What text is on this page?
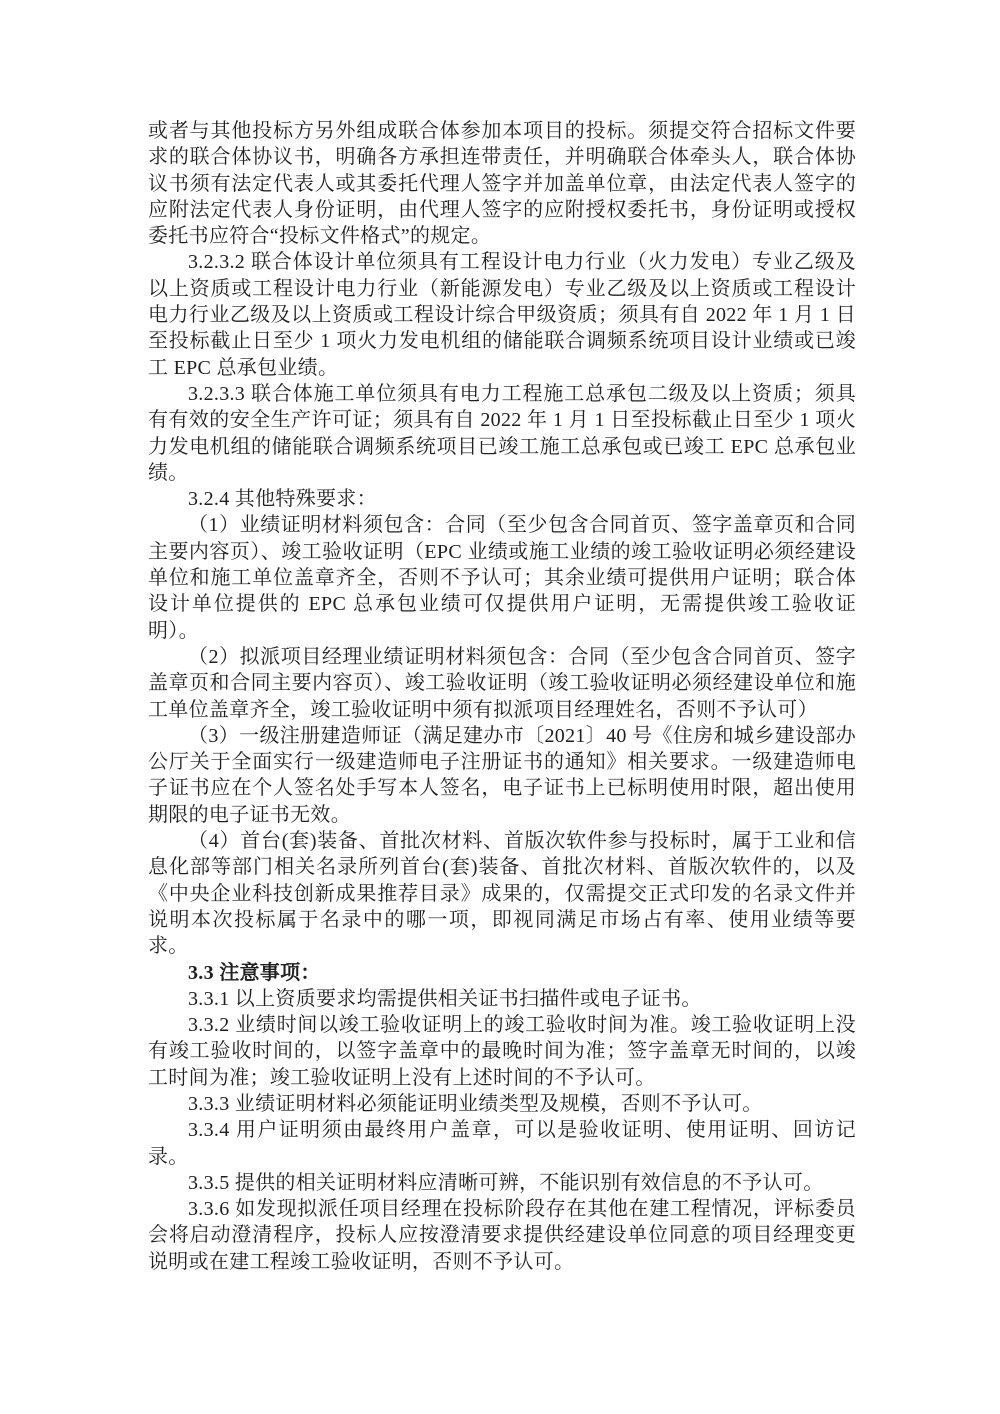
或者与其他投标方另外组成联合体参加本项目的投标。须提交符合招标文件要求的联合体协议书，明确各方承担连带责任，并明确联合体牵头人，联合体协议书须有法定代表人或其委托代理人签字并加盖单位章，由法定代表人签字的应附法定代表人身份证明，由代理人签字的应附授权委托书，身份证明或授权委托书应符合“投标文件格式”的规定。

3.2.3.2 联合体设计单位须具有工程设计电力行业（火力发电）专业乙级及以上资质或工程设计电力行业（新能源发电）专业乙级及以上资质或工程设计电力行业乙级及以上资质或工程设计综合甲级资质；须具有自 2022 年 1 月 1 日至投标截止日至少 1 项火力发电机组的储能联合调频系统项目设计业绩或已竣工 EPC 总承包业绩。

3.2.3.3 联合体施工单位须具有电力工程施工总承包二级及以上资质；须具有有效的安全生产许可证；须具有自 2022 年 1 月 1 日至投标截止日至少 1 项火力发电机组的储能联合调频系统项目已竣工施工总承包或已竣工 EPC 总承包业绩。

3.2.4 其他特殊要求：

（1）业绩证明材料须包含：合同（至少包含合同首页、签字盖章页和合同主要内容页）、竣工验收证明（EPC 业绩或施工业绩的竣工验收证明必须经建设单位和施工单位盖章齐全，否则不予认可；其余业绩可提供用户证明；联合体设计单位提供的 EPC 总承包业绩可仅提供用户证明，无需提供竣工验收证明）。

（2）拟派项目经理业绩证明材料须包含：合同（至少包含合同首页、签字盖章页和合同主要内容页）、竣工验收证明（竣工验收证明必须经建设单位和施工单位盖章齐全，竣工验收证明中须有拟派项目经理姓名，否则不予认可）

（3）一级注册建造师证（满足建办市〔2021〕40 号《住房和城乡建设部办公厅关于全面实行一级建造师电子注册证书的通知》相关要求。一级建造师电子证书应在个人签名处手写本人签名，电子证书上已标明使用时限，超出使用期限的电子证书无效。

（4）首台(套)装备、首批次材料、首版次软件参与投标时，属于工业和信息化部等部门相关名录所列首台(套)装备、首批次材料、首版次软件的，以及《中央企业科技创新成果推荐目录》成果的，仅需提交正式印发的名录文件并说明本次投标属于名录中的哪一项，即视同满足市场占有率、使用业绩等要求。

3.3 注意事项：

3.3.1 以上资质要求均需提供相关证书扫描件或电子证书。

3.3.2 业绩时间以竣工验收证明上的竣工验收时间为准。竣工验收证明上没有竣工验收时间的，以签字盖章中的最晚时间为准；签字盖章无时间的，以竣工时间为准；竣工验收证明上没有上述时间的不予认可。

3.3.3 业绩证明材料必须能证明业绩类型及规模，否则不予认可。

3.3.4 用户证明须由最终用户盖章，可以是验收证明、使用证明、回访记录。

3.3.5 提供的相关证明材料应清晰可辨，不能识别有效信息的不予认可。

3.3.6 如发现拟派任项目经理在投标阶段存在其他在建工程情况，评标委员会将启动澄清程序，投标人应按澄清要求提供经建设单位同意的项目经理变更说明或在建工程竣工验收证明，否则不予认可。
